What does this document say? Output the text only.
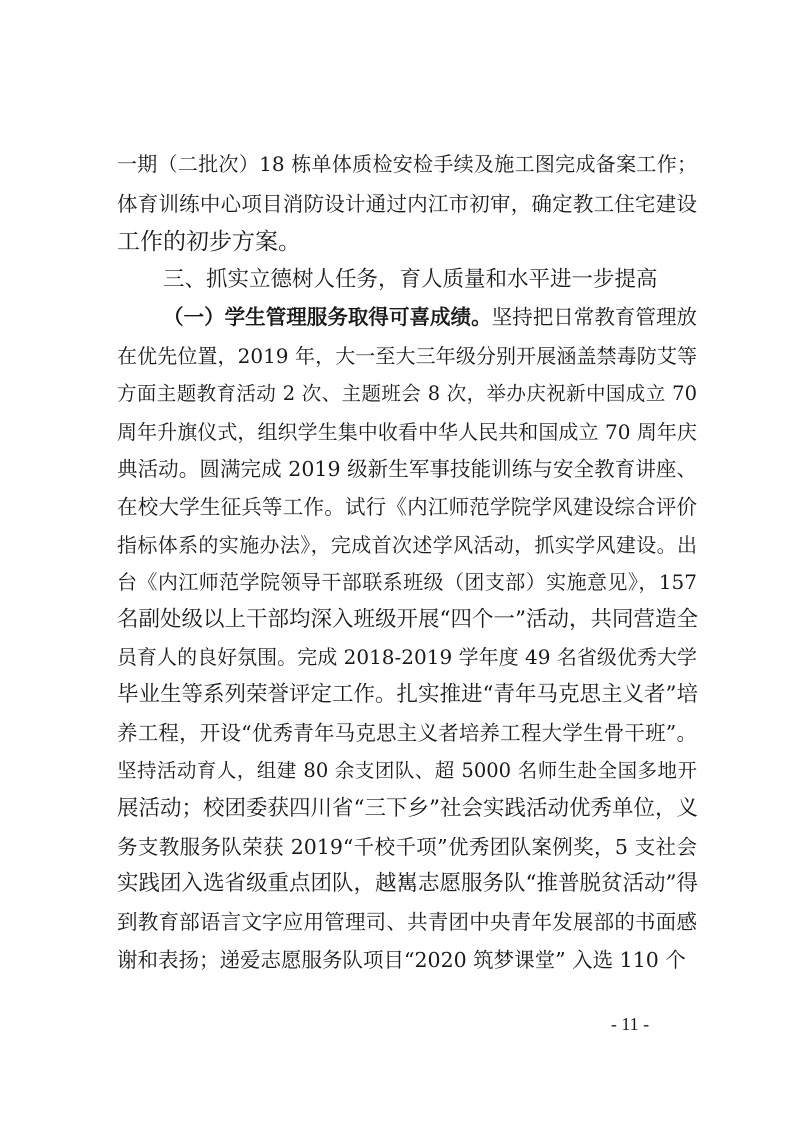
一期（二批次）18 栋单体质检安检手续及施工图完成备案工作；
体育训练中心项目消防设计通过内江市初审，确定教工住宅建设
工作的初步方案。
三、抓实立德树人任务，育人质量和水平进一步提高
（一）学生管理服务取得可喜成绩。坚持把日常教育管理放
在优先位置，2019 年，大一至大三年级分别开展涵盖禁毒防艾等
方面主题教育活动 2 次、主题班会 8 次，举办庆祝新中国成立 70
周年升旗仪式，组织学生集中收看中华人民共和国成立 70 周年庆
典活动。圆满完成 2019 级新生军事技能训练与安全教育讲座、
在校大学生征兵等工作。试行《内江师范学院学风建设综合评价
指标体系的实施办法》，完成首次述学风活动，抓实学风建设。出
台《内江师范学院领导干部联系班级（团支部）实施意见》，157
名副处级以上干部均深入班级开展“四个一”活动，共同营造全
员育人的良好氛围。完成 2018-2019 学年度 49 名省级优秀大学
毕业生等系列荣誉评定工作。扎实推进“青年马克思主义者”培
养工程，开设“优秀青年马克思主义者培养工程大学生骨干班”。
坚持活动育人，组建 80 余支团队、超 5000 名师生赴全国多地开
展活动；校团委获四川省“三下乡”社会实践活动优秀单位，义
务支教服务队荣获 2019“千校千项”优秀团队案例奖，5 支社会
实践团入选省级重点团队，越嶲志愿服务队“推普脱贫活动”得
到教育部语言文字应用管理司、共青团中央青年发展部的书面感
谢和表扬；递爱志愿服务队项目“2020 筑梦课堂” 入选 110 个
- 11 -
